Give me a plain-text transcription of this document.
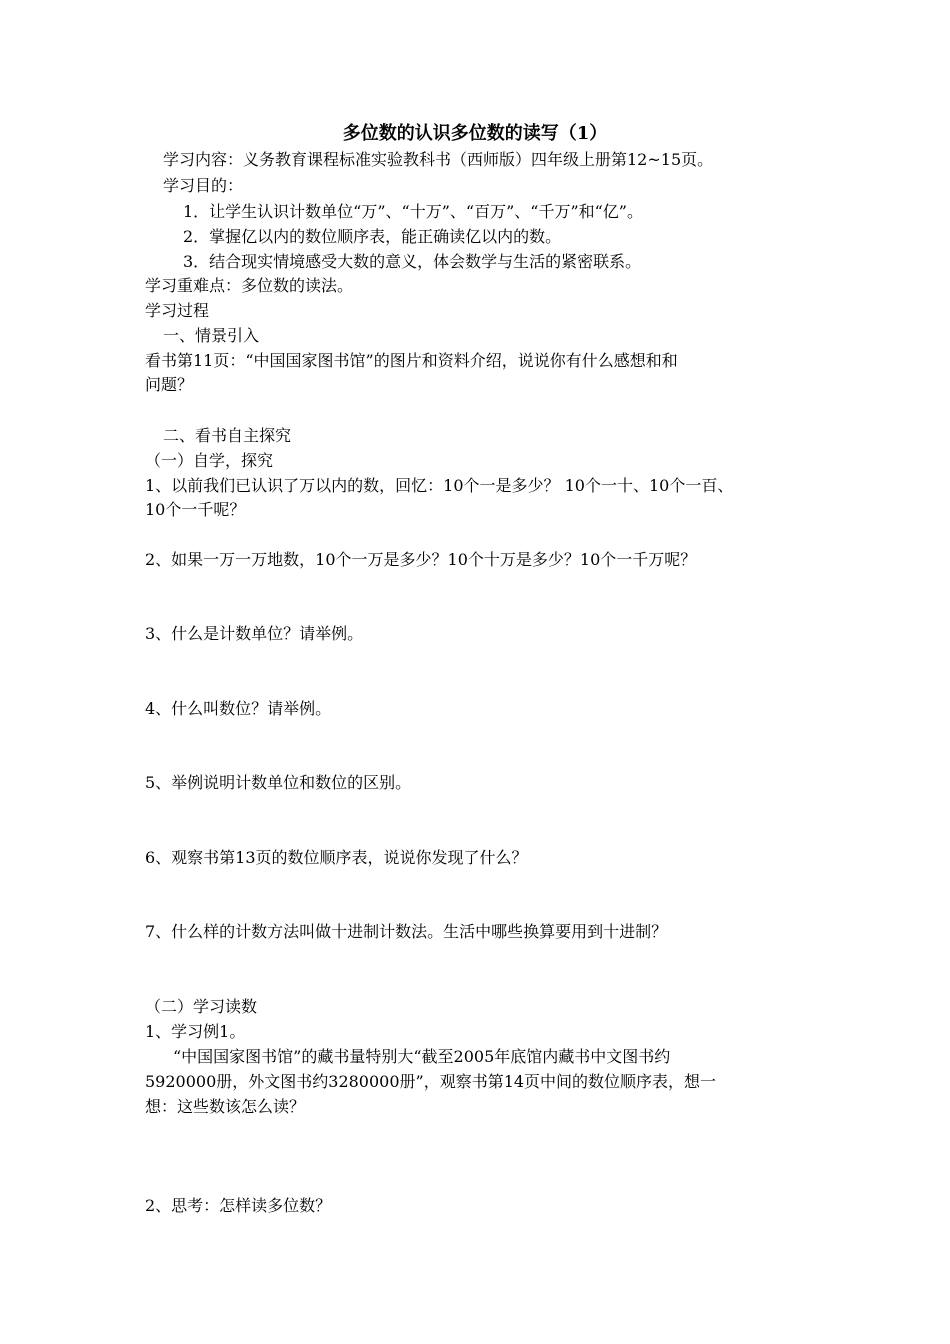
多位数的认识多位数的读写（1）
学习内容：义务教育课程标准实验教科书（西师版）四年级上册第12~15页。
学习目的：
1．让学生认识计数单位“万”、“十万”、“百万”、“千万”和“亿”。
2．掌握亿以内的数位顺序表，能正确读亿以内的数。
3．结合现实情境感受大数的意义，体会数学与生活的紧密联系。
学习重难点：多位数的读法。
学习过程
一、情景引入
看书第11页：“中国国家图书馆”的图片和资料介绍，说说你有什么感想和和
问题？
二、看书自主探究
（一）自学，探究
1、以前我们已认识了万以内的数，回忆：10个一是多少？ 10个一十、10个一百、
10个一千呢？
2、如果一万一万地数，10个一万是多少？10个十万是多少？10个一千万呢？
3、什么是计数单位？请举例。
4、什么叫数位？请举例。
5、举例说明计数单位和数位的区别。
6、观察书第13页的数位顺序表，说说你发现了什么？
7、什么样的计数方法叫做十进制计数法。生活中哪些换算要用到十进制？
（二）学习读数
1、学习例1。
“中国国家图书馆”的藏书量特别大“截至2005年底馆内藏书中文图书约
5920000册，外文图书约3280000册”，观察书第14页中间的数位顺序表，想一
想：这些数该怎么读？
2、思考：怎样读多位数？
